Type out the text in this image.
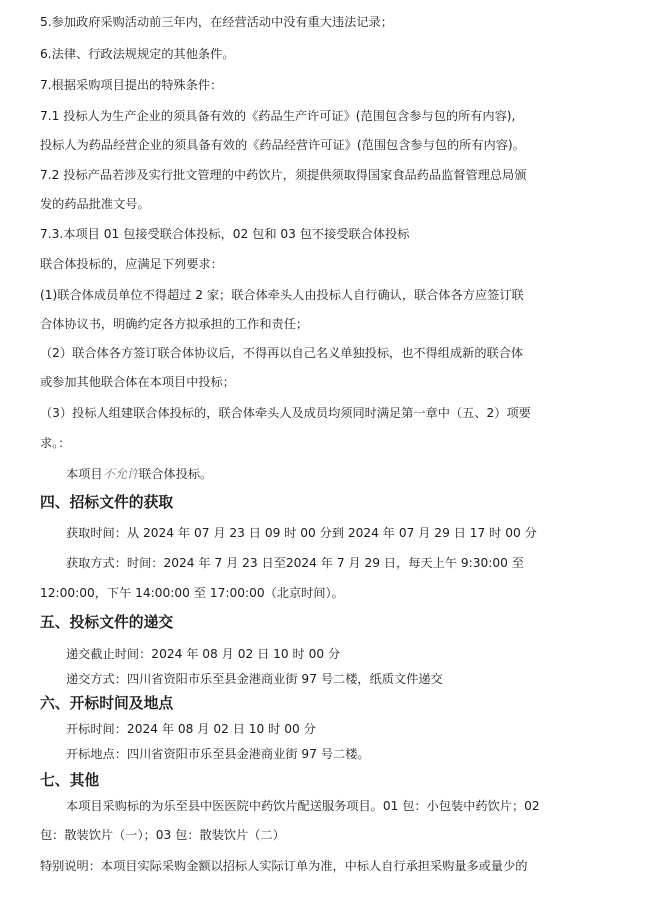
5.参加政府采购活动前三年内，在经营活动中没有重大违法记录；
6.法律、行政法规规定的其他条件。
7.根据采购项目提出的特殊条件：
7.1 投标人为生产企业的须具备有效的《药品生产许可证》(范围包含参与包的所有内容),
投标人为药品经营企业的须具备有效的《药品经营许可证》(范围包含参与包的所有内容)。
7.2 投标产品若涉及实行批文管理的中药饮片，须提供须取得国家食品药品监督管理总局颁
发的药品批准文号。
7.3.本项目 01 包接受联合体投标，02 包和 03 包不接受联合体投标
联合体投标的，应满足下列要求：
(1)联合体成员单位不得超过 2 家；联合体牵头人由投标人自行确认，联合体各方应签订联
合体协议书，明确约定各方拟承担的工作和责任；
（2）联合体各方签订联合体协议后，不得再以自己名义单独投标，也不得组成新的联合体
或参加其他联合体在本项目中投标；
（3）投标人组建联合体投标的，联合体牵头人及成员均须同时满足第一章中（五、2）项要
求。：
本项目不允许联合体投标。
四、招标文件的获取
获取时间：从 2024 年 07 月 23 日 09 时 00 分到 2024 年 07 月 29 日 17 时 00 分
获取方式：时间：2024 年 7 月 23 日至2024 年 7 月 29 日，每天上午 9:30:00 至
12:00:00，下午 14:00:00 至 17:00:00（北京时间）。
五、投标文件的递交
递交截止时间：2024 年 08 月 02 日 10 时 00 分
递交方式：四川省资阳市乐至县金港商业街 97 号二楼，纸质文件递交
六、开标时间及地点
开标时间：2024 年 08 月 02 日 10 时 00 分
开标地点：四川省资阳市乐至县金港商业街 97 号二楼。
七、其他
本项目采购标的为乐至县中医医院中药饮片配送服务项目。01 包：小包装中药饮片；02
包：散装饮片（一）；03 包：散装饮片（二）
特别说明：本项目实际采购金额以招标人实际订单为准，中标人自行承担采购量多或量少的
